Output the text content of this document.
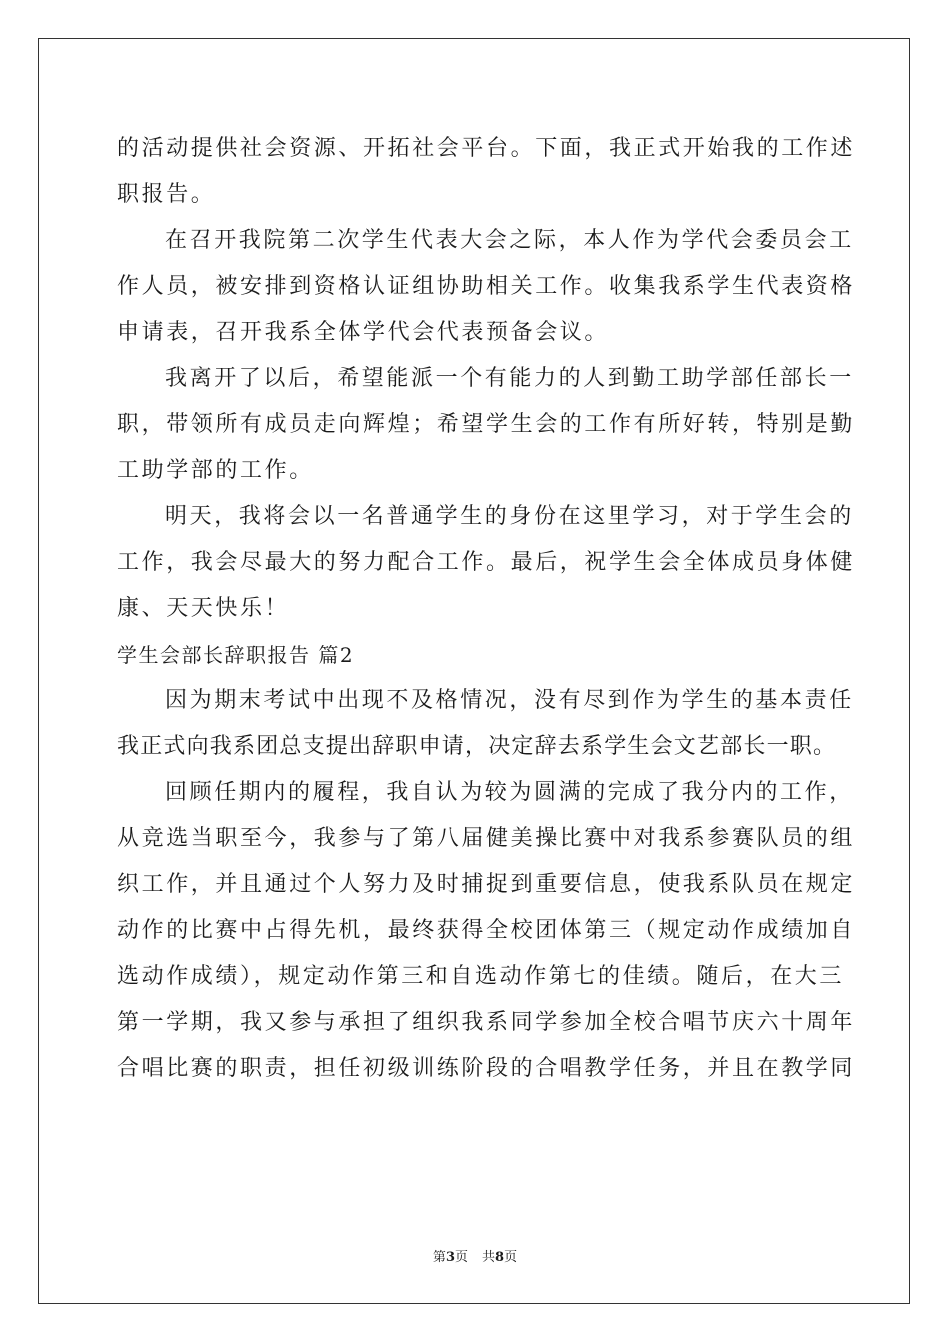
的活动提供社会资源、开拓社会平台。下面，我正式开始我的工作述
职报告。
在召开我院第二次学生代表大会之际，本人作为学代会委员会工
作人员，被安排到资格认证组协助相关工作。收集我系学生代表资格
申请表，召开我系全体学代会代表预备会议。
我离开了以后，希望能派一个有能力的人到勤工助学部任部长一
职，带领所有成员走向辉煌；希望学生会的工作有所好转，特别是勤
工助学部的工作。
明天，我将会以一名普通学生的身份在这里学习，对于学生会的
工作，我会尽最大的努力配合工作。最后，祝学生会全体成员身体健
康、天天快乐！
学生会部长辞职报告 篇2
因为期末考试中出现不及格情况，没有尽到作为学生的基本责任
我正式向我系团总支提出辞职申请，决定辞去系学生会文艺部长一职。
回顾任期内的履程，我自认为较为圆满的完成了我分内的工作，
从竞选当职至今，我参与了第八届健美操比赛中对我系参赛队员的组
织工作，并且通过个人努力及时捕捉到重要信息，使我系队员在规定
动作的比赛中占得先机，最终获得全校团体第三（规定动作成绩加自
选动作成绩），规定动作第三和自选动作第七的佳绩。随后，在大三
第一学期，我又参与承担了组织我系同学参加全校合唱节庆六十周年
合唱比赛的职责，担任初级训练阶段的合唱教学任务，并且在教学同
第3页 共8页
